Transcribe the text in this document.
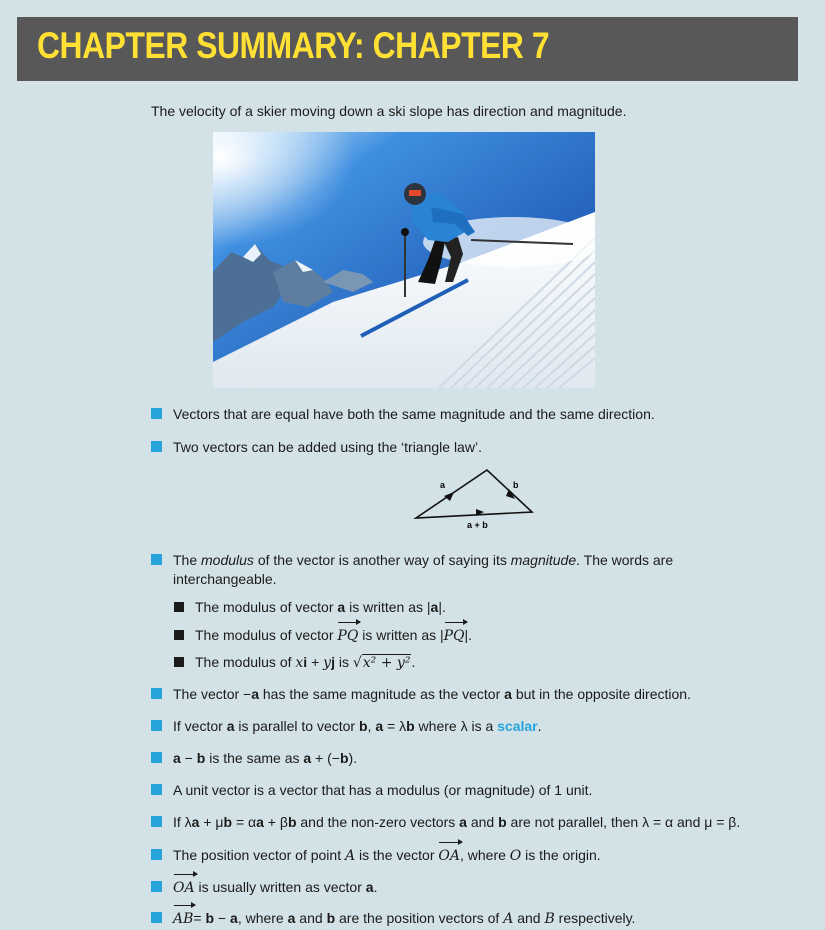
CHAPTER SUMMARY: CHAPTER 7
The velocity of a skier moving down a ski slope has direction and magnitude.
Vectors that are equal have both the same magnitude and the same direction.
Two vectors can be added using the ‘triangle law’.
a	b
a + b
The modulus of the vector is another way of saying its magnitude. The words are
interchangeable.
The modulus of vector a is written as |a|.
The modulus of vector PQ is written as |PQ|.
The modulus of xi + yj is √x² + y².
The vector −a has the same magnitude as the vector a but in the opposite direction.
If vector a is parallel to vector b, a = λb where λ is a scalar.
a − b is the same as a + (−b).
A unit vector is a vector that has a modulus (or magnitude) of 1 unit.
If λa + μb = αa + βb and the non-zero vectors a and b are not parallel, then λ = α and μ = β.
The position vector of point A is the vector OA, where O is the origin.
OA is usually written as vector a.
AB= b − a, where a and b are the position vectors of A and B respectively.
